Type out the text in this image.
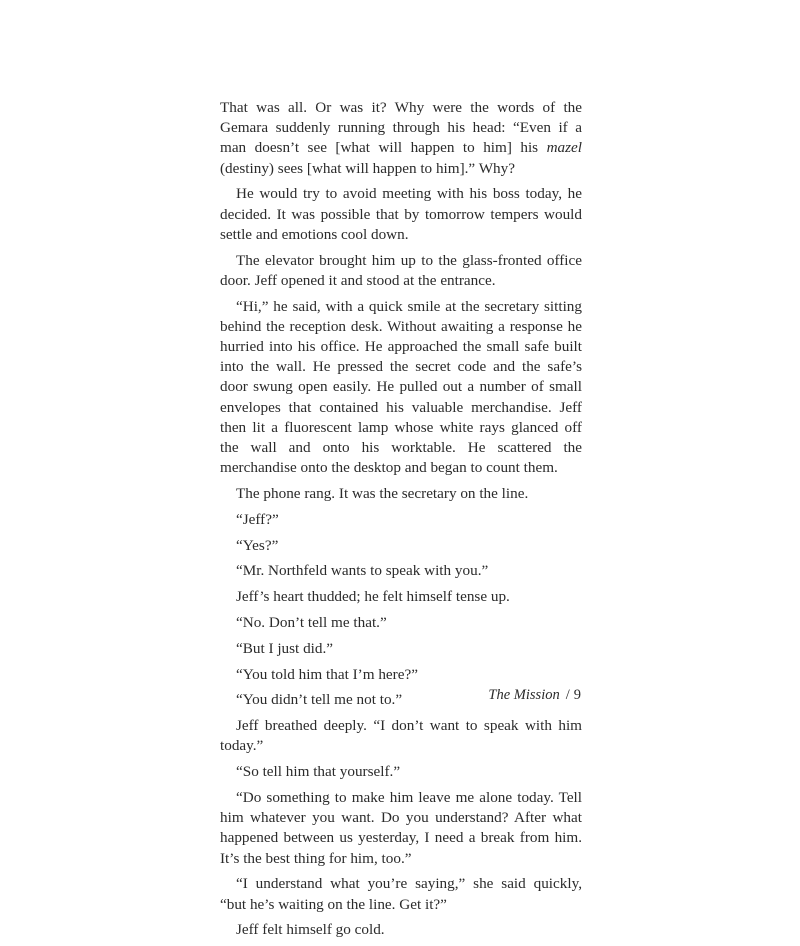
That was all. Or was it? Why were the words of the Gemara suddenly running through his head: “Even if a man doesn’t see [what will happen to him] his mazel (destiny) sees [what will happen to him].” Why?

He would try to avoid meeting with his boss today, he decided. It was possible that by tomorrow tempers would settle and emotions cool down.

The elevator brought him up to the glass-fronted office door. Jeff opened it and stood at the entrance.

“Hi,” he said, with a quick smile at the secretary sitting behind the reception desk. Without awaiting a response he hurried into his office. He approached the small safe built into the wall. He pressed the secret code and the safe’s door swung open easily. He pulled out a number of small envelopes that contained his valuable merchandise. Jeff then lit a fluorescent lamp whose white rays glanced off the wall and onto his worktable. He scattered the merchandise onto the desktop and began to count them.

The phone rang. It was the secretary on the line.

“Jeff?”

“Yes?”

“Mr. Northfeld wants to speak with you.”

Jeff’s heart thudded; he felt himself tense up.

“No. Don’t tell me that.”

“But I just did.”

“You told him that I’m here?”

“You didn’t tell me not to.”

Jeff breathed deeply. “I don’t want to speak with him today.”

“So tell him that yourself.”

“Do something to make him leave me alone today. Tell him whatever you want. Do you understand? After what happened between us yesterday, I need a break from him. It’s the best thing for him, too.”

“I understand what you’re saying,” she said quickly, “but he’s waiting on the line. Get it?”

Jeff felt himself go cold.

The Mission / 9
